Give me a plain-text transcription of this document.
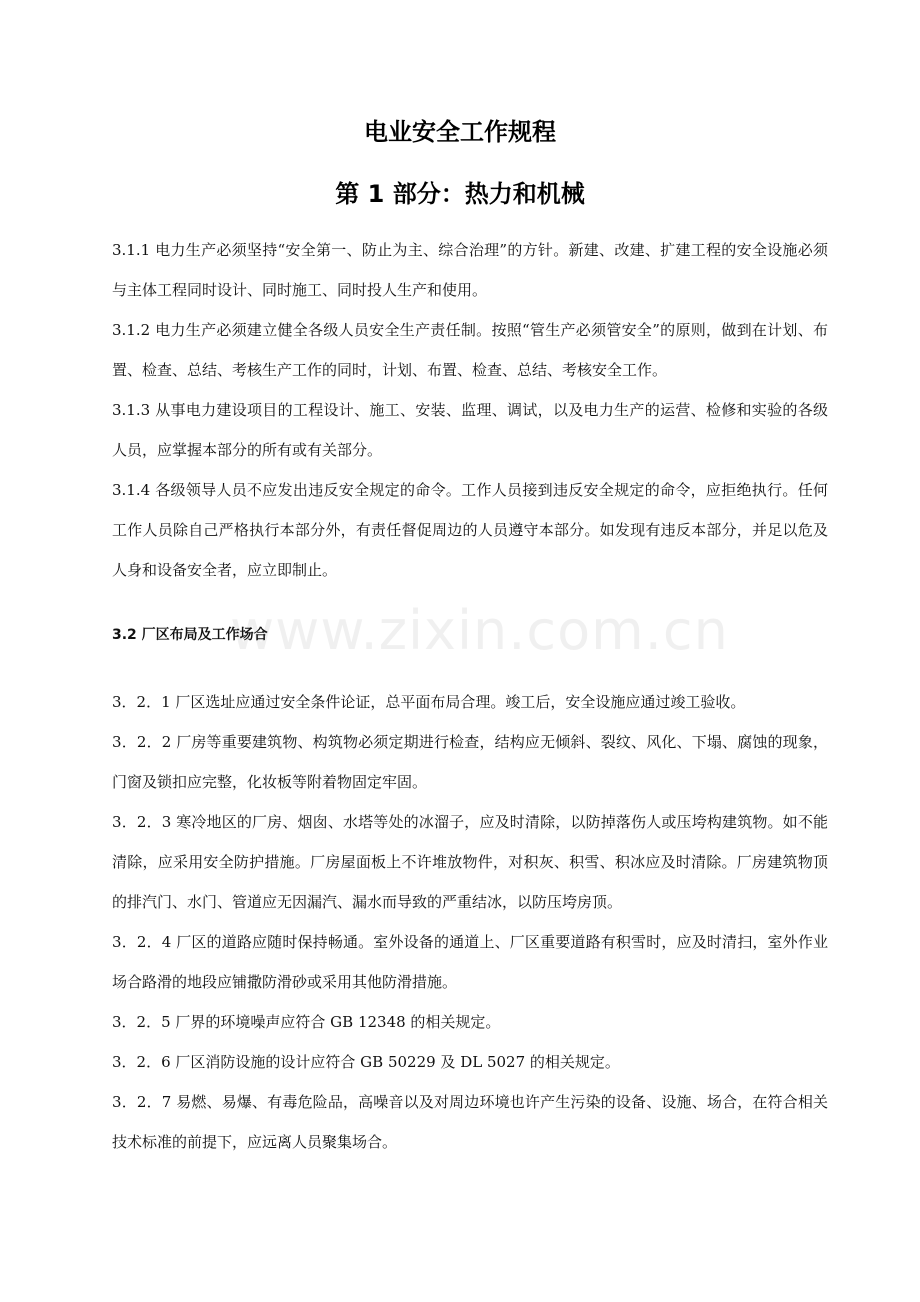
www.zixin.com.cn
电业安全工作规程
第 1 部分：热力和机械

3.1.1 电力生产必须坚持“安全第一、防止为主、综合治理”的方针。新建、改建、扩建工程的安全设施必须与主体工程同时设计、同时施工、同时投人生产和使用。

3.1.2 电力生产必须建立健全各级人员安全生产责任制。按照“管生产必须管安全”的原则，做到在计划、布置、检查、总结、考核生产工作的同时，计划、布置、检查、总结、考核安全工作。

3.1.3 从事电力建设项目的工程设计、施工、安装、监理、调试，以及电力生产的运营、检修和实验的各级人员，应掌握本部分的所有或有关部分。

3.1.4 各级领导人员不应发出违反安全规定的命令。工作人员接到违反安全规定的命令，应拒绝执行。任何工作人员除自己严格执行本部分外，有责任督促周边的人员遵守本部分。如发现有违反本部分，并足以危及人身和设备安全者，应立即制止。

3.2 厂区布局及工作场合

3．2．1 厂区选址应通过安全条件论证，总平面布局合理。竣工后，安全设施应通过竣工验收。

3．2．2 厂房等重要建筑物、构筑物必须定期进行检查，结构应无倾斜、裂纹、风化、下塌、腐蚀的现象，门窗及锁扣应完整，化妆板等附着物固定牢固。

3．2．3 寒冷地区的厂房、烟囱、水塔等处的冰溜子，应及时清除，以防掉落伤人或压垮构建筑物。如不能清除，应采用安全防护措施。厂房屋面板上不许堆放物件，对积灰、积雪、积冰应及时清除。厂房建筑物顶的排汽门、水门、管道应无因漏汽、漏水而导致的严重结冰，以防压垮房顶。

3．2．4 厂区的道路应随时保持畅通。室外设备的通道上、厂区重要道路有积雪时，应及时清扫，室外作业场合路滑的地段应铺撒防滑砂或采用其他防滑措施。

3．2．5 厂界的环境噪声应符合 GB 12348 的相关规定。

3．2．6 厂区消防设施的设计应符合 GB 50229 及 DL 5027 的相关规定。

3．2．7 易燃、易爆、有毒危险品，高噪音以及对周边环境也许产生污染的设备、设施、场合，在符合相关技术标准的前提下，应远离人员聚集场合。
